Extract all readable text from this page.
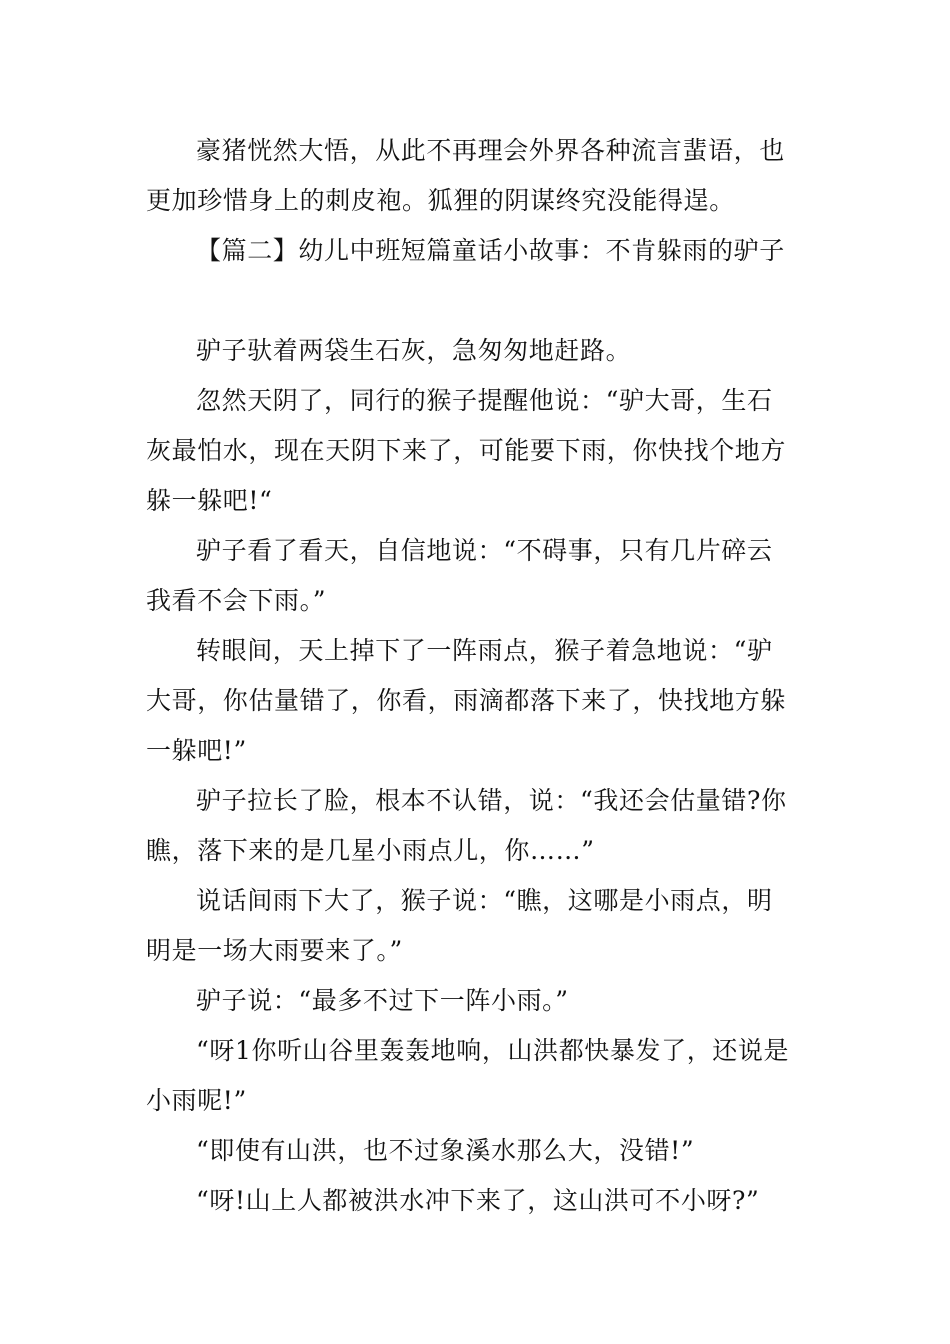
豪猪恍然大悟，从此不再理会外界各种流言蜚语，也
更加珍惜身上的刺皮袍。狐狸的阴谋终究没能得逞。
【篇二】幼儿中班短篇童话小故事：不肯躲雨的驴子
驴子驮着两袋生石灰，急匆匆地赶路。
忽然天阴了，同行的猴子提醒他说：“驴大哥，生石
灰最怕水，现在天阴下来了，可能要下雨，你快找个地方
躲一躲吧!“
驴子看了看天，自信地说：“不碍事，只有几片碎云
我看不会下雨。”
转眼间，天上掉下了一阵雨点，猴子着急地说：“驴
大哥，你估量错了，你看，雨滴都落下来了，快找地方躲
一躲吧!”
驴子拉长了脸，根本不认错，说：“我还会估量错?你
瞧，落下来的是几星小雨点儿，你……”
说话间雨下大了，猴子说：“瞧，这哪是小雨点，明
明是一场大雨要来了。”
驴子说：“最多不过下一阵小雨。”
“呀1你听山谷里轰轰地响，山洪都快暴发了，还说是
小雨呢!”
“即使有山洪，也不过象溪水那么大，没错!”
“呀!山上人都被洪水冲下来了，这山洪可不小呀?”
